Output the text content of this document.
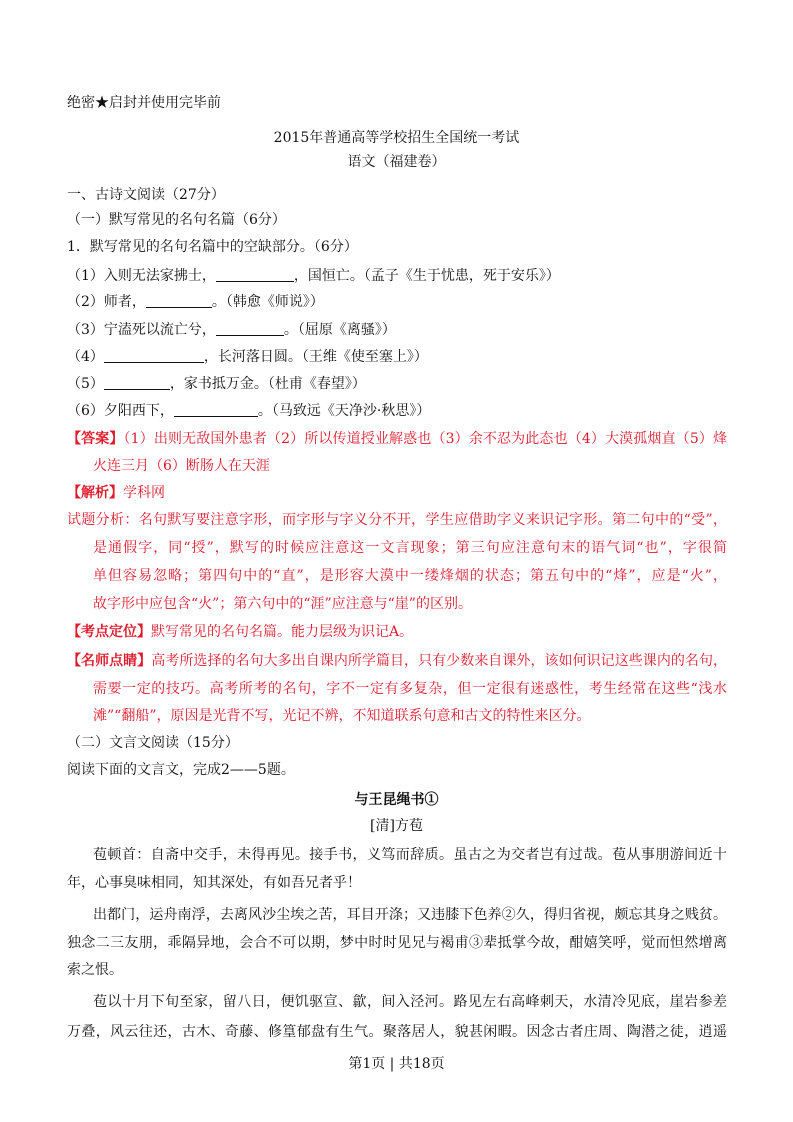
绝密★启封并使用完毕前
2015年普通高等学校招生全国统一考试
语文（福建卷）
一、古诗文阅读（27分）
（一）默写常见的名句名篇（6分）
1．默写常见的名句名篇中的空缺部分。（6分）
（1）入则无法家拂士，	，国恒亡。（孟子《生于忧患，死于安乐》）
（2）师者，	。（韩愈《师说》）
（3）宁溘死以流亡兮，	。（屈原《离骚》）
（4）	，长河落日圆。（王维《使至塞上》）
（5）	，家书抵万金。（杜甫《春望》）
（6）夕阳西下，	。（马致远《天净沙·秋思》）
【答案】（1）出则无敌国外患者（2）所以传道授业解惑也（3）余不忍为此态也（4）大漠孤烟直（5）烽
火连三月（6）断肠人在天涯
【解析】学科网
试题分析：名句默写要注意字形，而字形与字义分不开，学生应借助字义来识记字形。第二句中的“受”，
是通假字，同“授”，默写的时候应注意这一文言现象；第三句应注意句末的语气词“也”，字很简
单但容易忽略；第四句中的“直”，是形容大漠中一缕烽烟的状态；第五句中的“烽”，应是“火”，
故字形中应包含“火”；第六句中的“涯”应注意与“崖”的区别。
【考点定位】默写常见的名句名篇。能力层级为识记A。
【名师点睛】高考所选择的名句大多出自课内所学篇目，只有少数来自课外，该如何识记这些课内的名句，
需要一定的技巧。高考所考的名句，字不一定有多复杂，但一定很有迷惑性，考生经常在这些“浅水
滩”“翻船”，原因是光背不写，光记不辨，不知道联系句意和古文的特性来区分。
（二）文言文阅读（15分）
阅读下面的文言文，完成2——5题。
与王昆绳书①
[清]方苞
苞顿首：自斋中交手，未得再见。接手书，义笃而辞质。虽古之为交者岂有过哉。苞从事朋游间近十
年，心事臭味相同，知其深处，有如吾兄者乎！
出都门，运舟南浮，去离风沙尘埃之苦，耳目开涤；又违膝下色养②久，得归省视，颇忘其身之贱贫。
独念二三友朋，乖隔异地，会合不可以期，梦中时时见兄与褐甫③辈抵掌今故，酣嬉笑呼，觉而怛然增离
索之恨。
苞以十月下旬至家，留八日，便饥驱宣、歙，间入泾河。路见左右高峰刺天，水清冷见底，崖岩参差
万叠，风云往还，古木、奇藤、修篁郁盘有生气。聚落居人，貌甚闲暇。因念古者庄周、陶潜之徒，逍遥
第1页 | 共18页
